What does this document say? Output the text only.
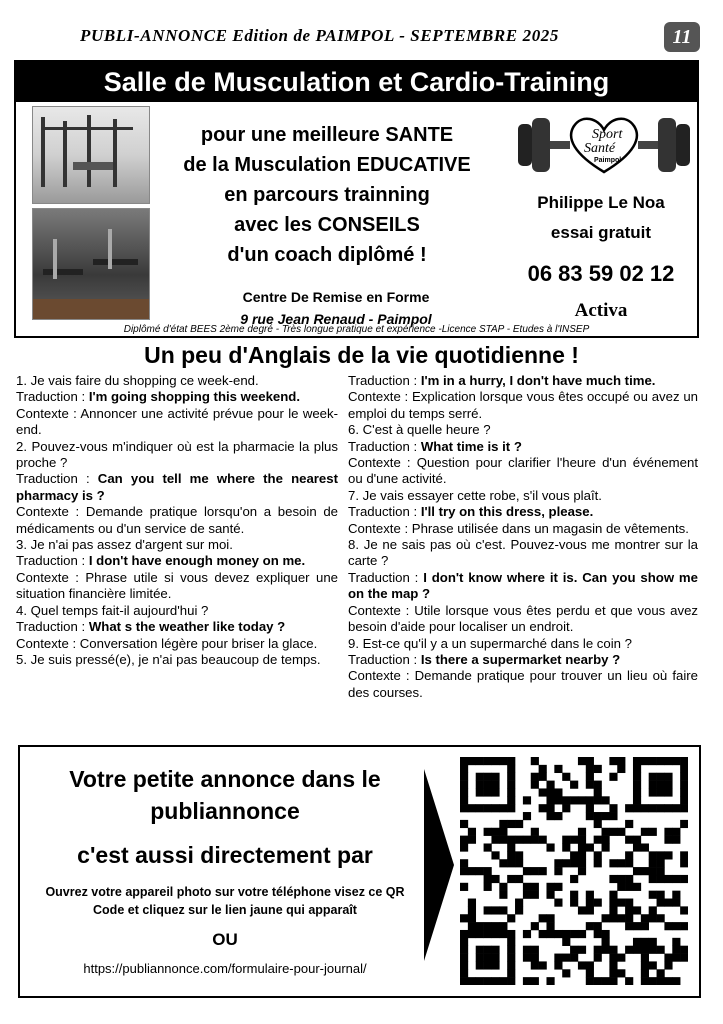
PUBLI-ANNONCE Edition de PAIMPOL - SEPTEMBRE 2025	11
Salle de Musculation et Cardio-Training
pour une meilleure SANTE
de la Musculation EDUCATIVE
en parcours trainning
avec les CONSEILS
d'un coach diplômé !
Centre De Remise en Forme
9 rue Jean Renaud - Paimpol
Sport
Santé
Paimpol
Philippe Le Noa
essai gratuit
06 83 59 02 12
Activa
Diplômé d'état BEES 2ème degré - Très longue pratique et expérience -Licence STAP - Etudes à l'INSEP
Un peu d'Anglais de la vie quotidienne !

1. Je vais faire du shopping ce week-end.

Traduction : I'm going shopping this weekend.

Contexte : Annoncer une activité prévue pour le week-end.

2. Pouvez-vous m'indiquer où est la pharmacie la plus proche ?

Traduction : Can you tell me where the nearest pharmacy is ?

Contexte : Demande pratique lorsqu'on a besoin de médicaments ou d'un service de santé.

3. Je n'ai pas assez d'argent sur moi.

Traduction : I don't have enough money on me.

Contexte : Phrase utile si vous devez expliquer une situation financière limitée.

4. Quel temps fait-il aujourd'hui ?

Traduction : What s the weather like today ?

Contexte : Conversation légère pour briser la glace.

5. Je suis pressé(e), je n'ai pas beaucoup de temps.

Traduction : I'm in a hurry, I don't have much time.

Contexte : Explication lorsque vous êtes occupé ou avez un emploi du temps serré.

6. C'est à quelle heure ?

Traduction : What time is it ?

Contexte : Question pour clarifier l'heure d'un événement ou d'une activité.

7. Je vais essayer cette robe, s'il vous plaît.

Traduction : I'll try on this dress, please.

Contexte : Phrase utilisée dans un magasin de vêtements.

8. Je ne sais pas où c'est. Pouvez-vous me montrer sur la carte ?

Traduction : I don't know where it is. Can you show me on the map ?

Contexte : Utile lorsque vous êtes perdu et que vous avez besoin d'aide pour localiser un endroit.

9. Est-ce qu'il y a un supermarché dans le coin ?

Traduction : Is there a supermarket nearby ?

Contexte : Demande pratique pour trouver un lieu où faire des courses.

Votre petite annonce dans le publiannonce
c'est aussi directement par
Ouvrez votre appareil photo sur votre téléphone visez ce QR Code et cliquez sur le lien jaune qui apparaît
OU
https://publiannonce.com/formulaire-pour-journal/
